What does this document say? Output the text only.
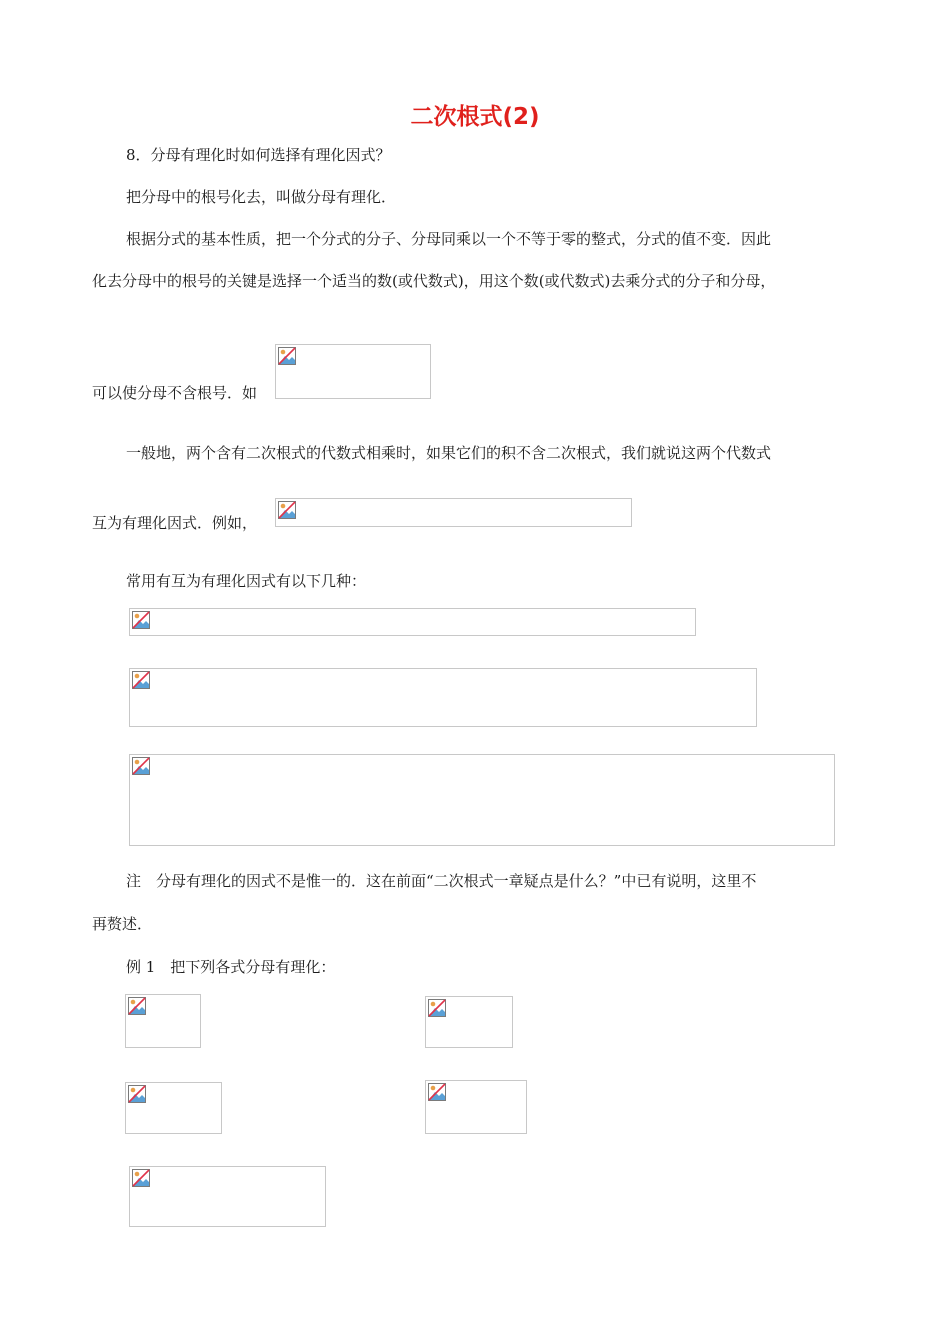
二次根式(2)
8．分母有理化时如何选择有理化因式？
把分母中的根号化去，叫做分母有理化．
根据分式的基本性质，把一个分式的分子、分母同乘以一个不等于零的整式，分式的值不变．因此
化去分母中的根号的关键是选择一个适当的数(或代数式)，用这个数(或代数式)去乘分式的分子和分母，
可以使分母不含根号．如
一般地，两个含有二次根式的代数式相乘时，如果它们的积不含二次根式，我们就说这两个代数式
互为有理化因式．例如，
常用有互为有理化因式有以下几种：
注　分母有理化的因式不是惟一的．这在前面“二次根式一章疑点是什么？”中已有说明，这里不
再赘述．
例 1　把下列各式分母有理化：
